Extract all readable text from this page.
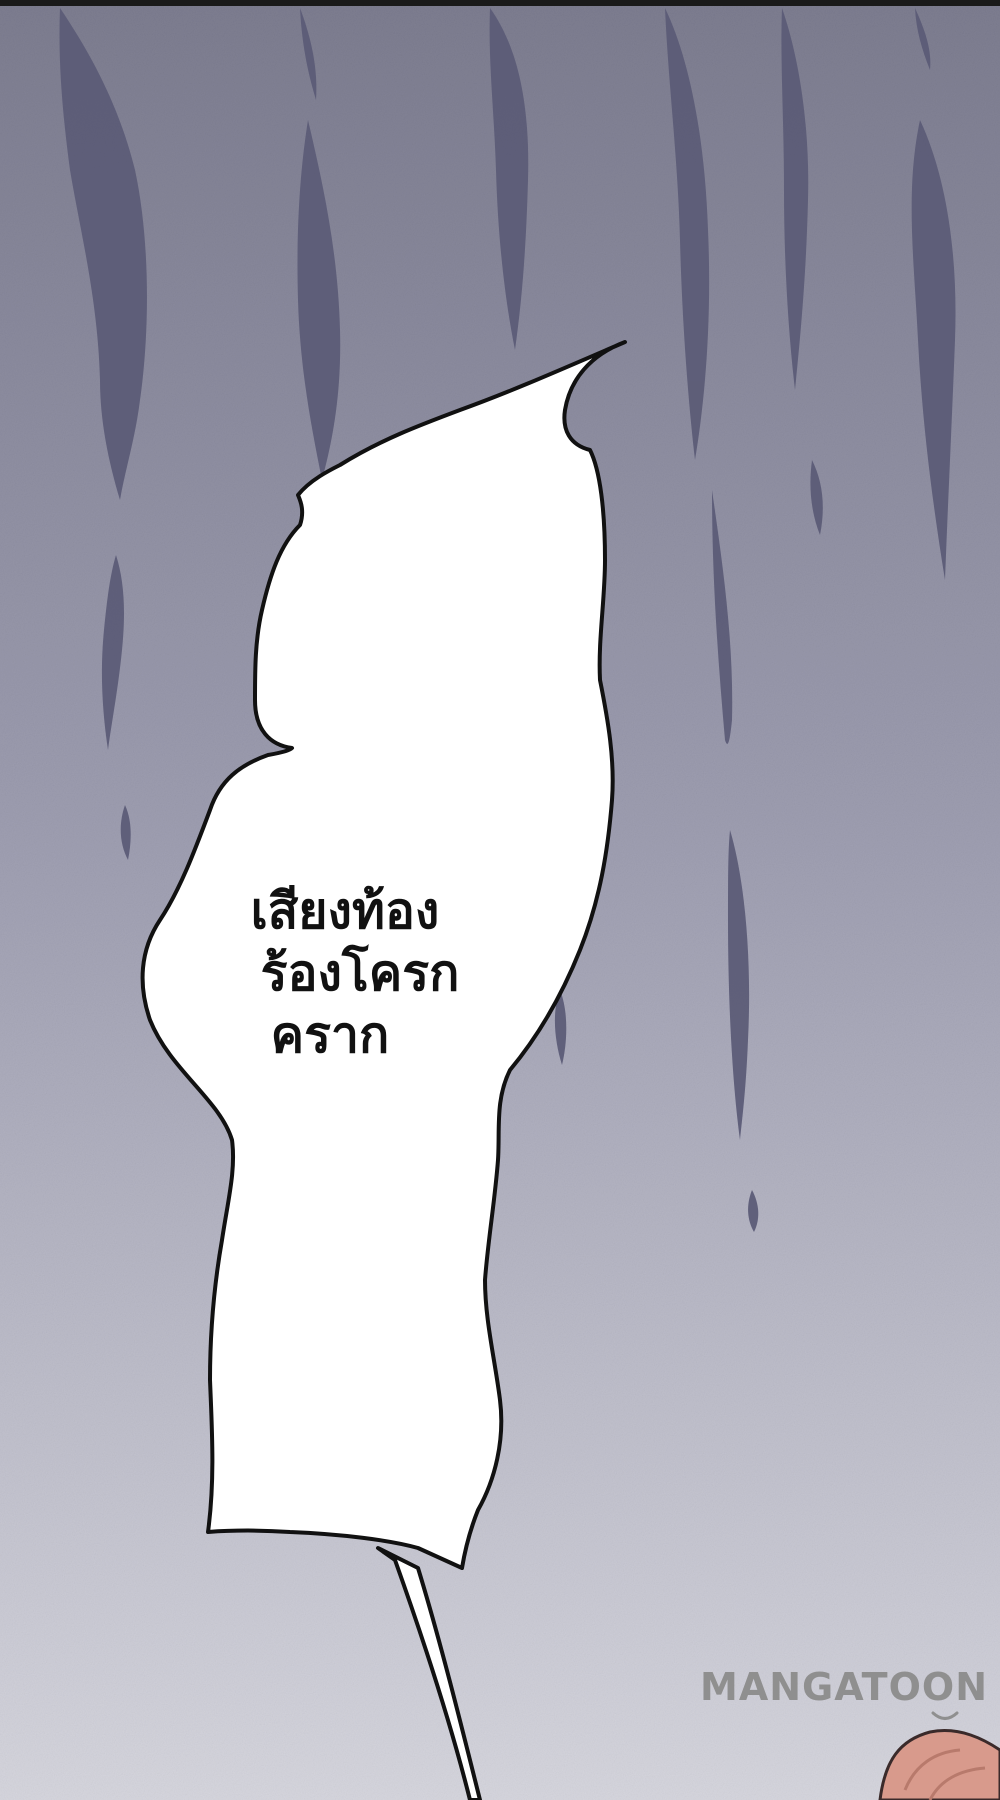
เสียงท้อง
ร้องโครก
คราก
MANGATOON
